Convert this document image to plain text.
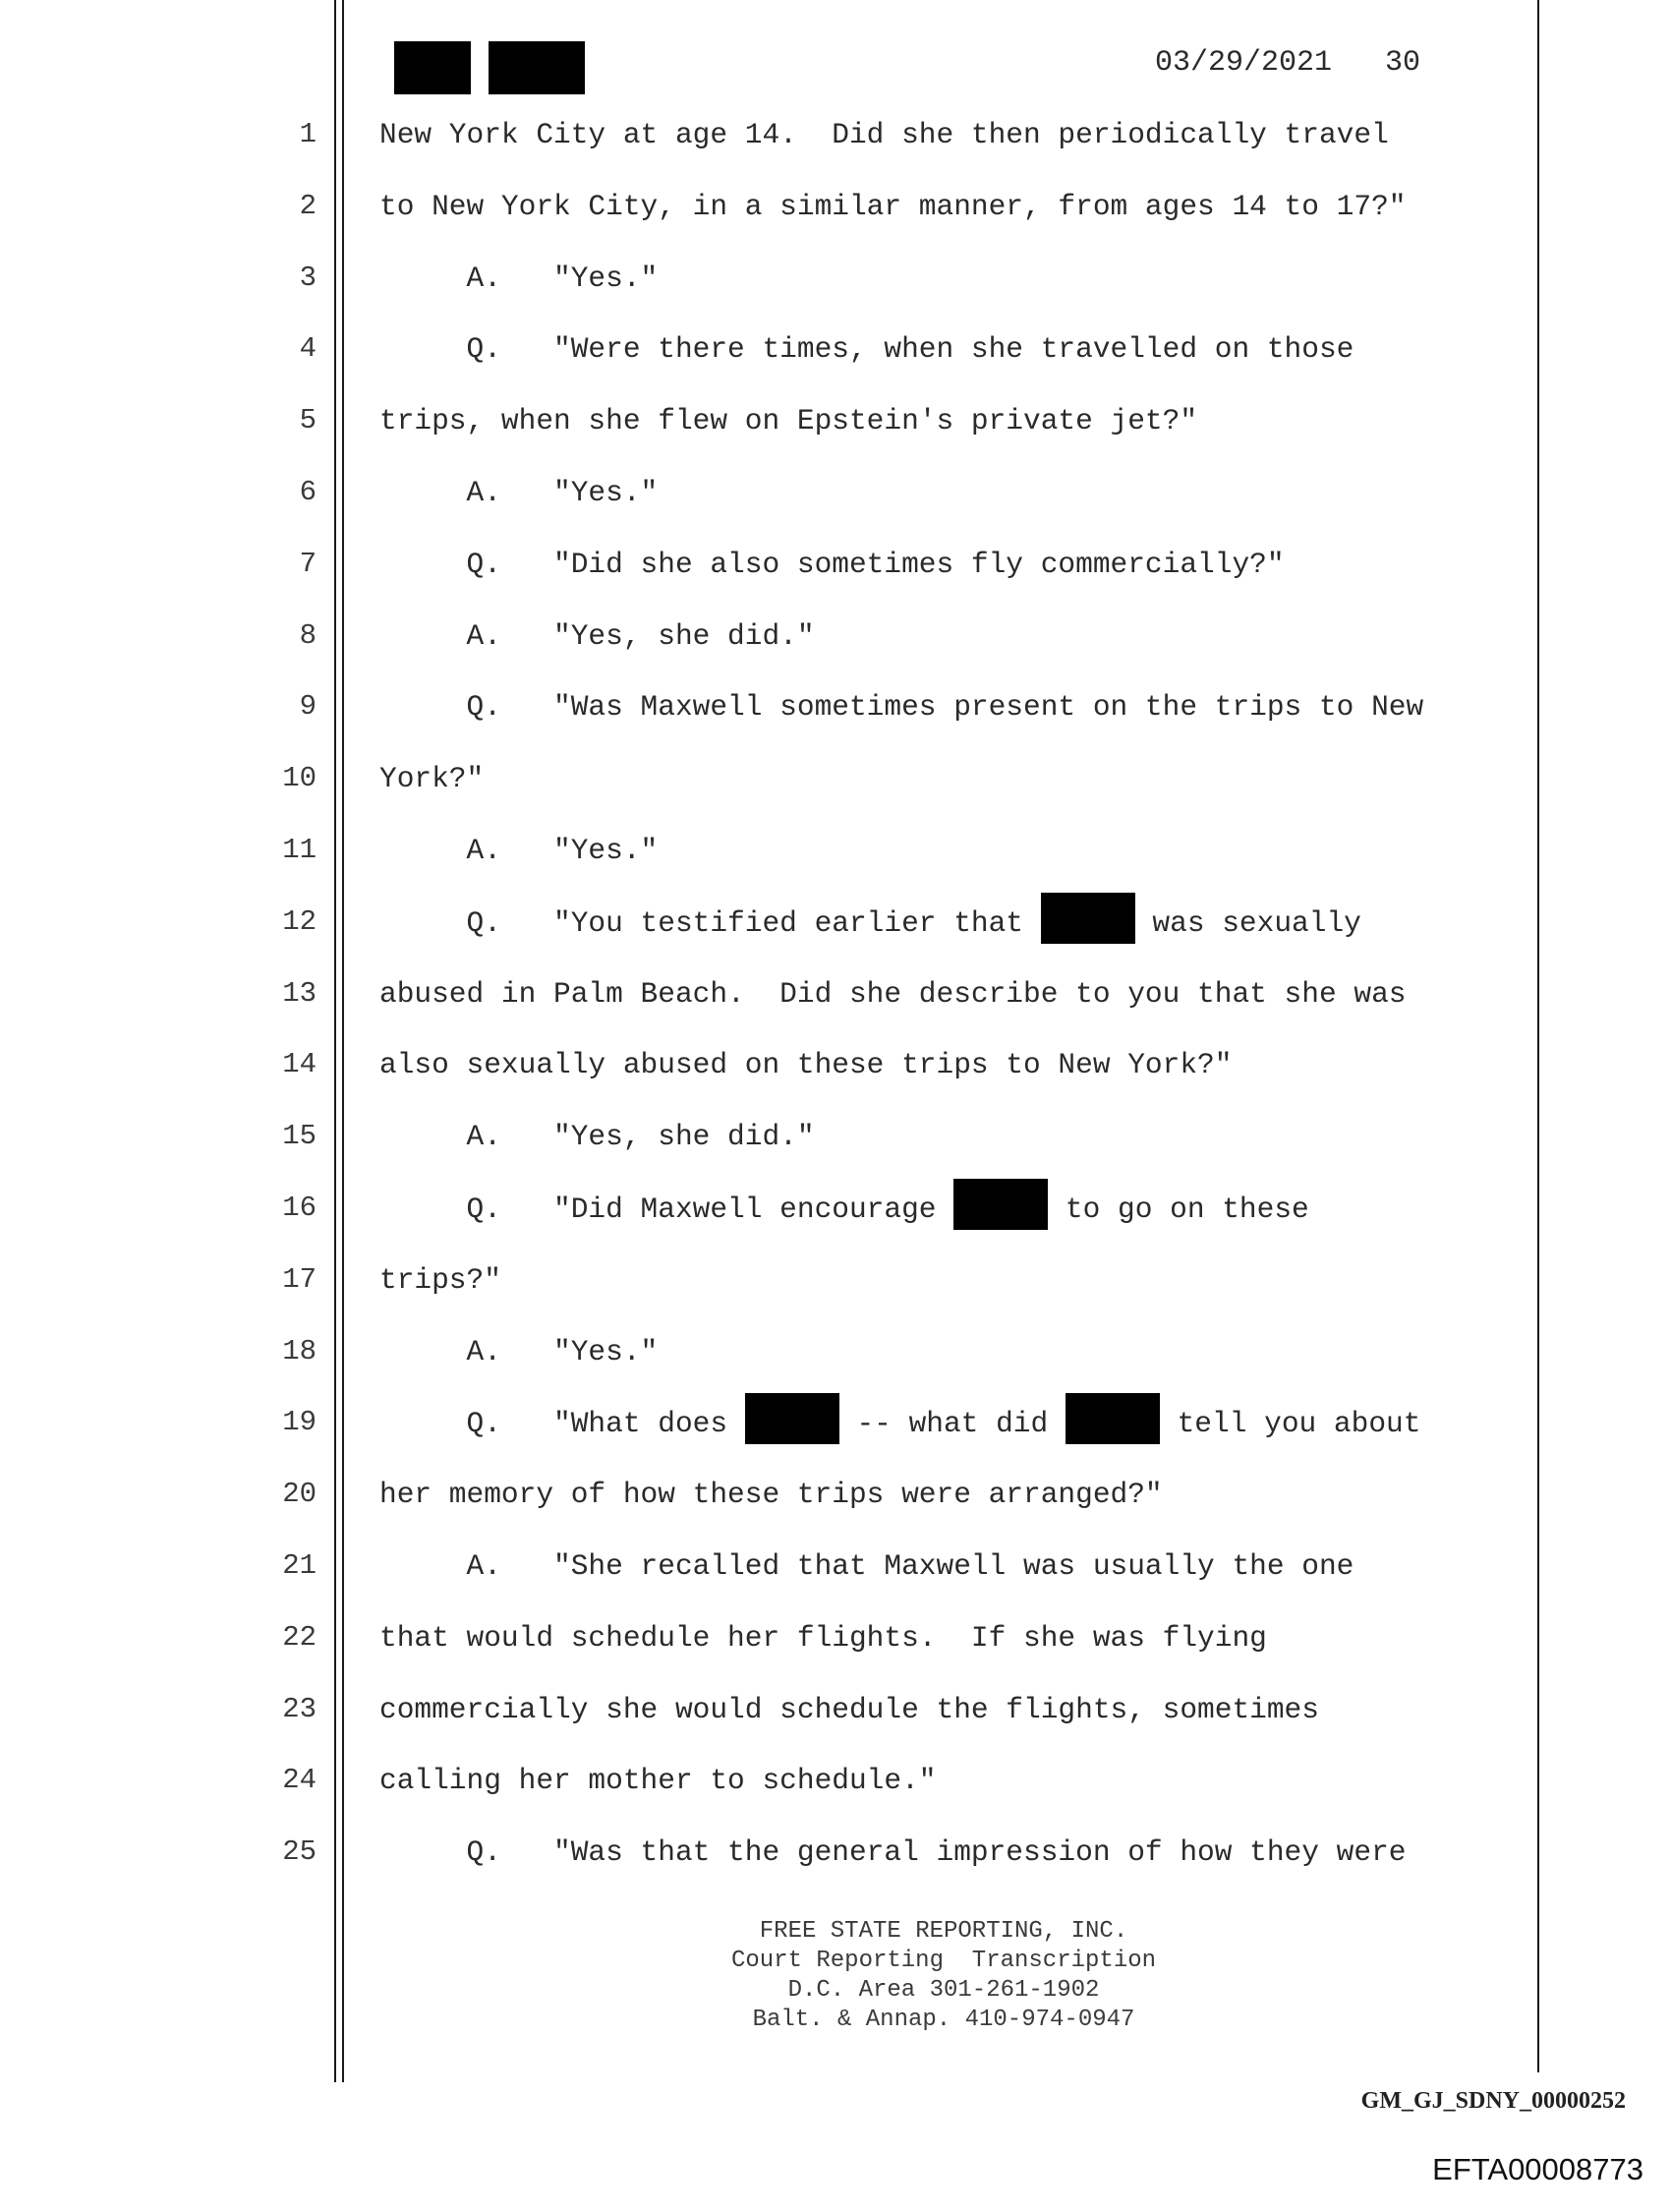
03/29/2021 30
1 New York City at age 14.  Did she then periodically travel
2 to New York City, in a similar manner, from ages 14 to 17?"
3 A.   "Yes."
4 Q.   "Were there times, when she travelled on those
5 trips, when she flew on Epstein's private jet?"
6 A.   "Yes."
7 Q.   "Did she also sometimes fly commercially?"
8 A.   "Yes, she did."
9 Q.   "Was Maxwell sometimes present on the trips to New
10 York?"
11 A.   "Yes."
12 Q.   "You testified earlier that	was sexually
13 abused in Palm Beach.  Did she describe to you that she was
14 also sexually abused on these trips to New York?"
15 A.   "Yes, she did."
16 Q.   "Did Maxwell encourage	to go on these
17 trips?"
18 A.   "Yes."
19 Q.   "What does	-- what did	tell you about
20 her memory of how these trips were arranged?"
21 A.   "She recalled that Maxwell was usually the one
22 that would schedule her flights.  If she was flying
23 commercially she would schedule the flights, sometimes
24 calling her mother to schedule."
25 Q.   "Was that the general impression of how they were
FREE STATE REPORTING, INC.
Court Reporting  Transcription
D.C. Area 301-261-1902
Balt. & Annap. 410-974-0947
GM_GJ_SDNY_00000252
EFTA00008773
